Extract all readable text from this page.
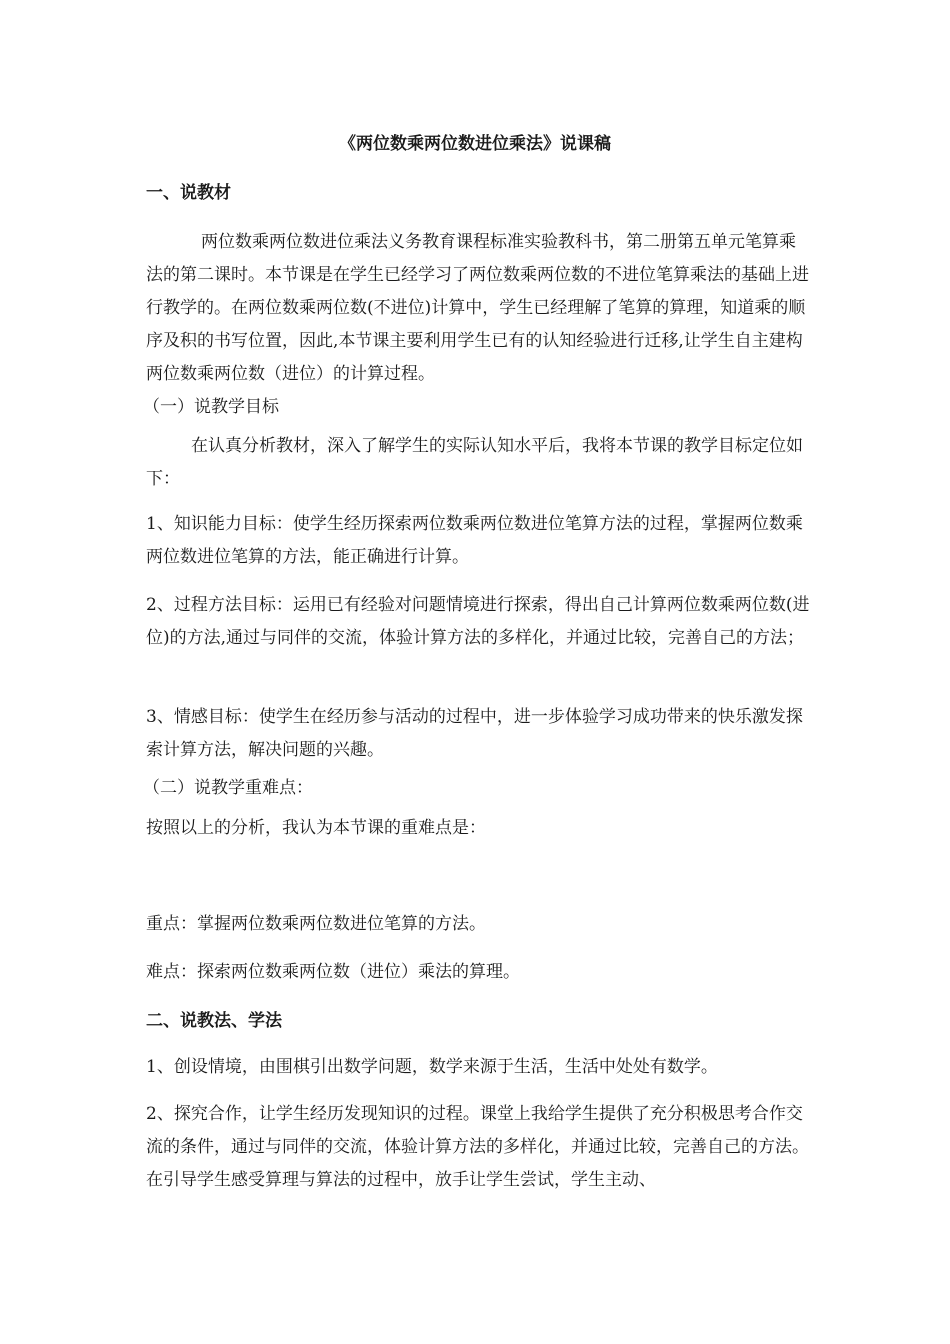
《两位数乘两位数进位乘法》说课稿

一、说教材

两位数乘两位数进位乘法义务教育课程标准实验教科书，第二册第五单元笔算乘法的第二课时。本节课是在学生已经学习了两位数乘两位数的不进位笔算乘法的基础上进行教学的。在两位数乘两位数(不进位)计算中，学生已经理解了笔算的算理，知道乘的顺序及积的书写位置，因此,本节课主要利用学生已有的认知经验进行迁移,让学生自主建构两位数乘两位数（进位）的计算过程。

（一）说教学目标

在认真分析教材，深入了解学生的实际认知水平后，我将本节课的教学目标定位如下：

1、知识能力目标：使学生经历探索两位数乘两位数进位笔算方法的过程，掌握两位数乘两位数进位笔算的方法，能正确进行计算。

2、过程方法目标：运用已有经验对问题情境进行探索，得出自己计算两位数乘两位数(进位)的方法,通过与同伴的交流，体验计算方法的多样化，并通过比较，完善自己的方法；

3、情感目标：使学生在经历参与活动的过程中，进一步体验学习成功带来的快乐激发探索计算方法，解决问题的兴趣。

（二）说教学重难点：

按照以上的分析，我认为本节课的重难点是：

重点：掌握两位数乘两位数进位笔算的方法。

难点：探索两位数乘两位数（进位）乘法的算理。

二、说教法、学法

1、创设情境，由围棋引出数学问题，数学来源于生活，生活中处处有数学。

2、探究合作，让学生经历发现知识的过程。课堂上我给学生提供了充分积极思考合作交流的条件，通过与同伴的交流，体验计算方法的多样化，并通过比较，完善自己的方法。在引导学生感受算理与算法的过程中，放手让学生尝试，学生主动、
